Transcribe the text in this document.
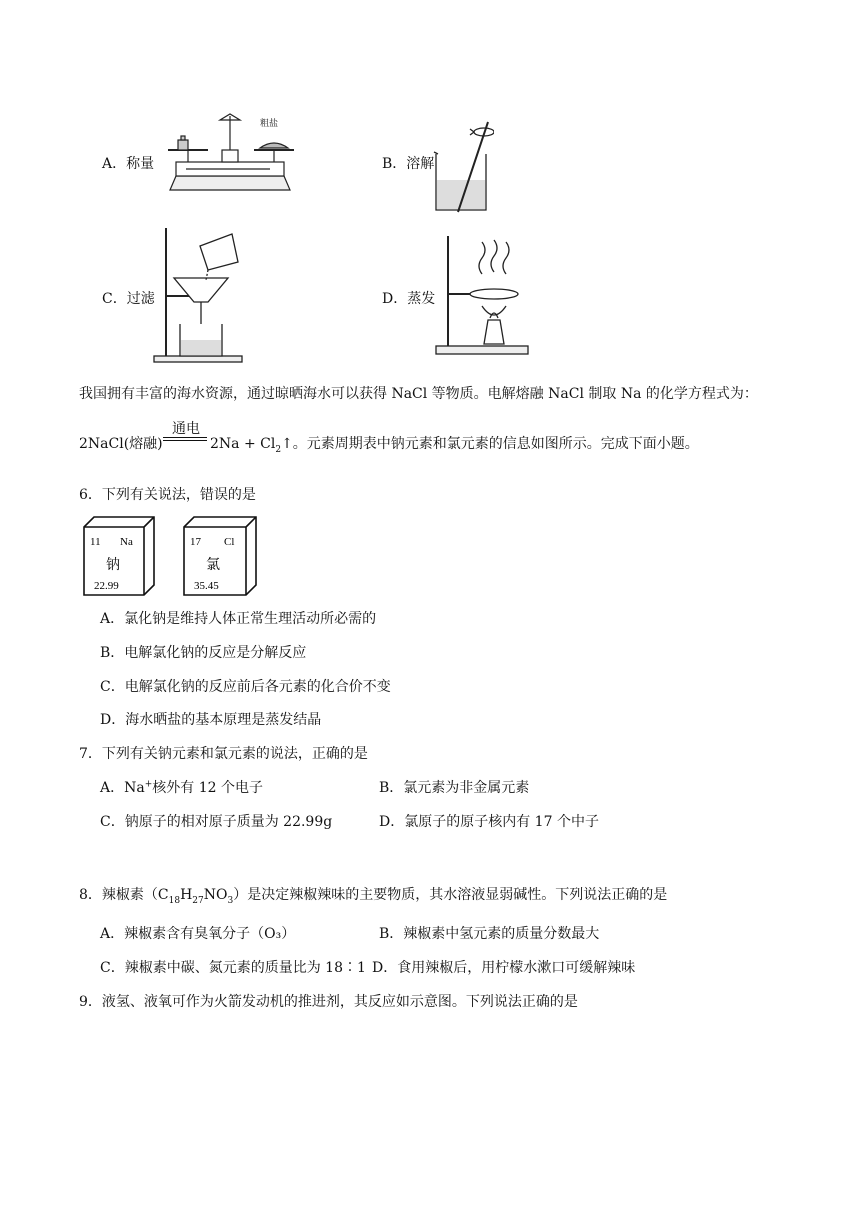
A．称量
粗盐
B．溶解
C．过滤	D．蒸发
我国拥有丰富的海水资源，通过晾晒海水可以获得 NaCl 等物质。电解熔融 NaCl 制取 Na 的化学方程式为：
2NaCl(熔融)
通电
$2Na + Cl_2↑$。元素周期表中钠元素和氯元素的信息如图所示。完成下面小题。
6．下列有关说法，错误的是
11 Na
钠
22.99
17 Cl
氯
35.45
A．氯化钠是维持人体正常生理活动所必需的
B．电解氯化钠的反应是分解反应
C．电解氯化钠的反应前后各元素的化合价不变
D．海水晒盐的基本原理是蒸发结晶
7．下列有关钠元素和氯元素的说法，正确的是
A．Na+核外有 12 个电子	B．氯元素为非金属元素
C．钠原子的相对原子质量为 22.99g	D．氯原子的原子核内有 17 个中子
8．辣椒素$(C_{18}H_{27}NO_3)$是决定辣椒辣味的主要物质，其水溶液显弱碱性。下列说法正确的是
A．辣椒素含有臭氧分子（O₃）	B．辣椒素中氢元素的质量分数最大
C．辣椒素中碳、氮元素的质量比为 18∶1 D．食用辣椒后，用柠檬水漱口可缓解辣味
9．液氢、液氧可作为火箭发动机的推进剂，其反应如示意图。下列说法正确的是
